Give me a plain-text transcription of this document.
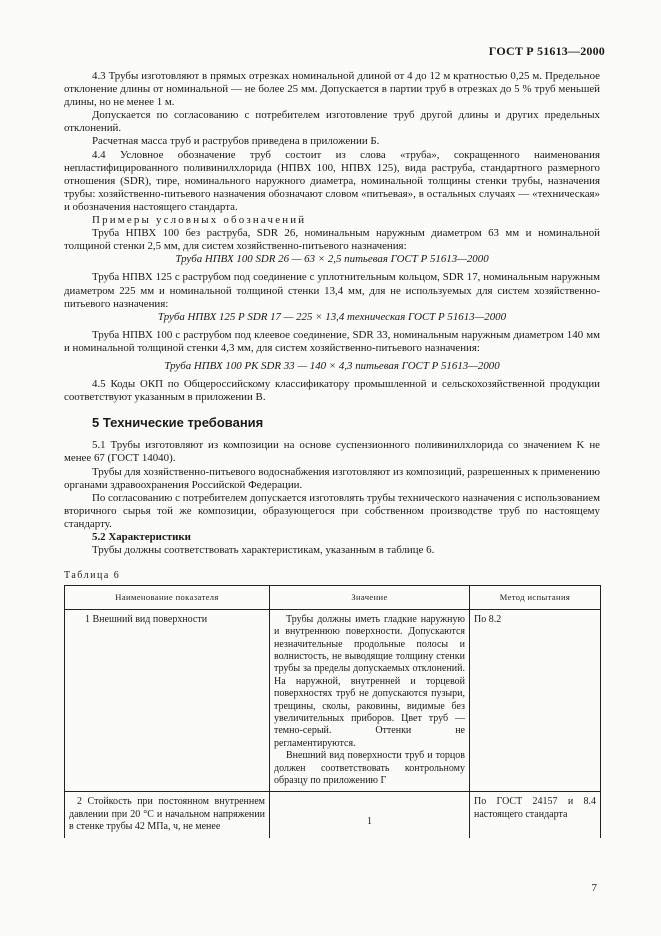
ГОСТ Р 51613—2000

4.3 Трубы изготовляют в прямых отрезках номинальной длиной от 4 до 12 м кратностью 0,25 м. Предельное отклонение длины от номинальной — не более 25 мм. Допускается в партии труб в отрезках до 5 % труб меньшей длины, но не менее 1 м.

Допускается по согласованию с потребителем изготовление труб другой длины и других предельных отклонений.

Расчетная масса труб и раструбов приведена в приложении Б.

4.4 Условное обозначение труб состоит из слова «труба», сокращенного наименования непластифицированного поливинилхлорида (НПВХ 100, НПВХ 125), вида раструба, стандартного размерного отношения (SDR), тире, номинального наружного диаметра, номинальной толщины стенки трубы, назначения трубы: хозяйственно-питьевого назначения обозначают словом «питьевая», в остальных случаях — «техническая» и обозначения настоящего стандарта.

Примеры условных обозначений

Труба НПВХ 100 без раструба, SDR 26, номинальным наружным диаметром 63 мм и номинальной толщиной стенки 2,5 мм, для систем хозяйственно-питьевого назначения:

Труба НПВХ 100 SDR 26 — 63 × 2,5 питьевая ГОСТ Р 51613—2000

Труба НПВХ 125 с раструбом под соединение с уплотнительным кольцом, SDR 17, номинальным наружным диаметром 225 мм и номинальной толщиной стенки 13,4 мм, для не используемых для систем хозяйственно-питьевого назначения:

Труба НПВХ 125 Р SDR 17 — 225 × 13,4 техническая ГОСТ Р 51613—2000

Труба НПВХ 100 с раструбом под клеевое соединение, SDR 33, номинальным наружным диаметром 140 мм и номинальной толщиной стенки 4,3 мм, для систем хозяйственно-питьевого назначения:

Труба НПВХ 100 РК SDR 33 — 140 × 4,3 питьевая ГОСТ Р 51613—2000

4.5 Коды ОКП по Общероссийскому классификатору промышленной и сельскохозяйственной продукции соответствуют указанным в приложении В.

5 Технические требования

5.1 Трубы изготовляют из композиции на основе суспензионного поливинилхлорида со значением K не менее 67 (ГОСТ 14040).

Трубы для хозяйственно-питьевого водоснабжения изготовляют из композиций, разрешенных к применению органами здравоохранения Российской Федерации.

По согласованию с потребителем допускается изготовлять трубы технического назначения с использованием вторичного сырья той же композиции, образующегося при собственном производстве труб по настоящему стандарту.

5.2 Характеристики

Трубы должны соответствовать характеристикам, указанным в таблице 6.

Таблица 6
Наименование показателя	Значение	Метод испытания
1 Внешний вид поверхности	Трубы должны иметь гладкие наружную и внутреннюю поверхности. Допускаются незначительные продольные полосы и волнистость, не выводящие толщину стенки трубы за пределы допускаемых отклонений. На наружной, внутренней и торцевой поверхностях труб не допускаются пузыри, трещины, сколы, раковины, видимые без увеличительных приборов. Цвет труб — темно-серый. Оттенки не регламентируются.
Внешний вид поверхности труб и торцов должен соответствовать контрольному образцу по приложению Г	По 8.2
2 Стойкость при постоянном внутреннем давлении при 20 °С и начальном напряжении в стенке трубы 42 МПа, ч, не менее	1	По ГОСТ 24157 и 8.4 настоящего стандарта
7
